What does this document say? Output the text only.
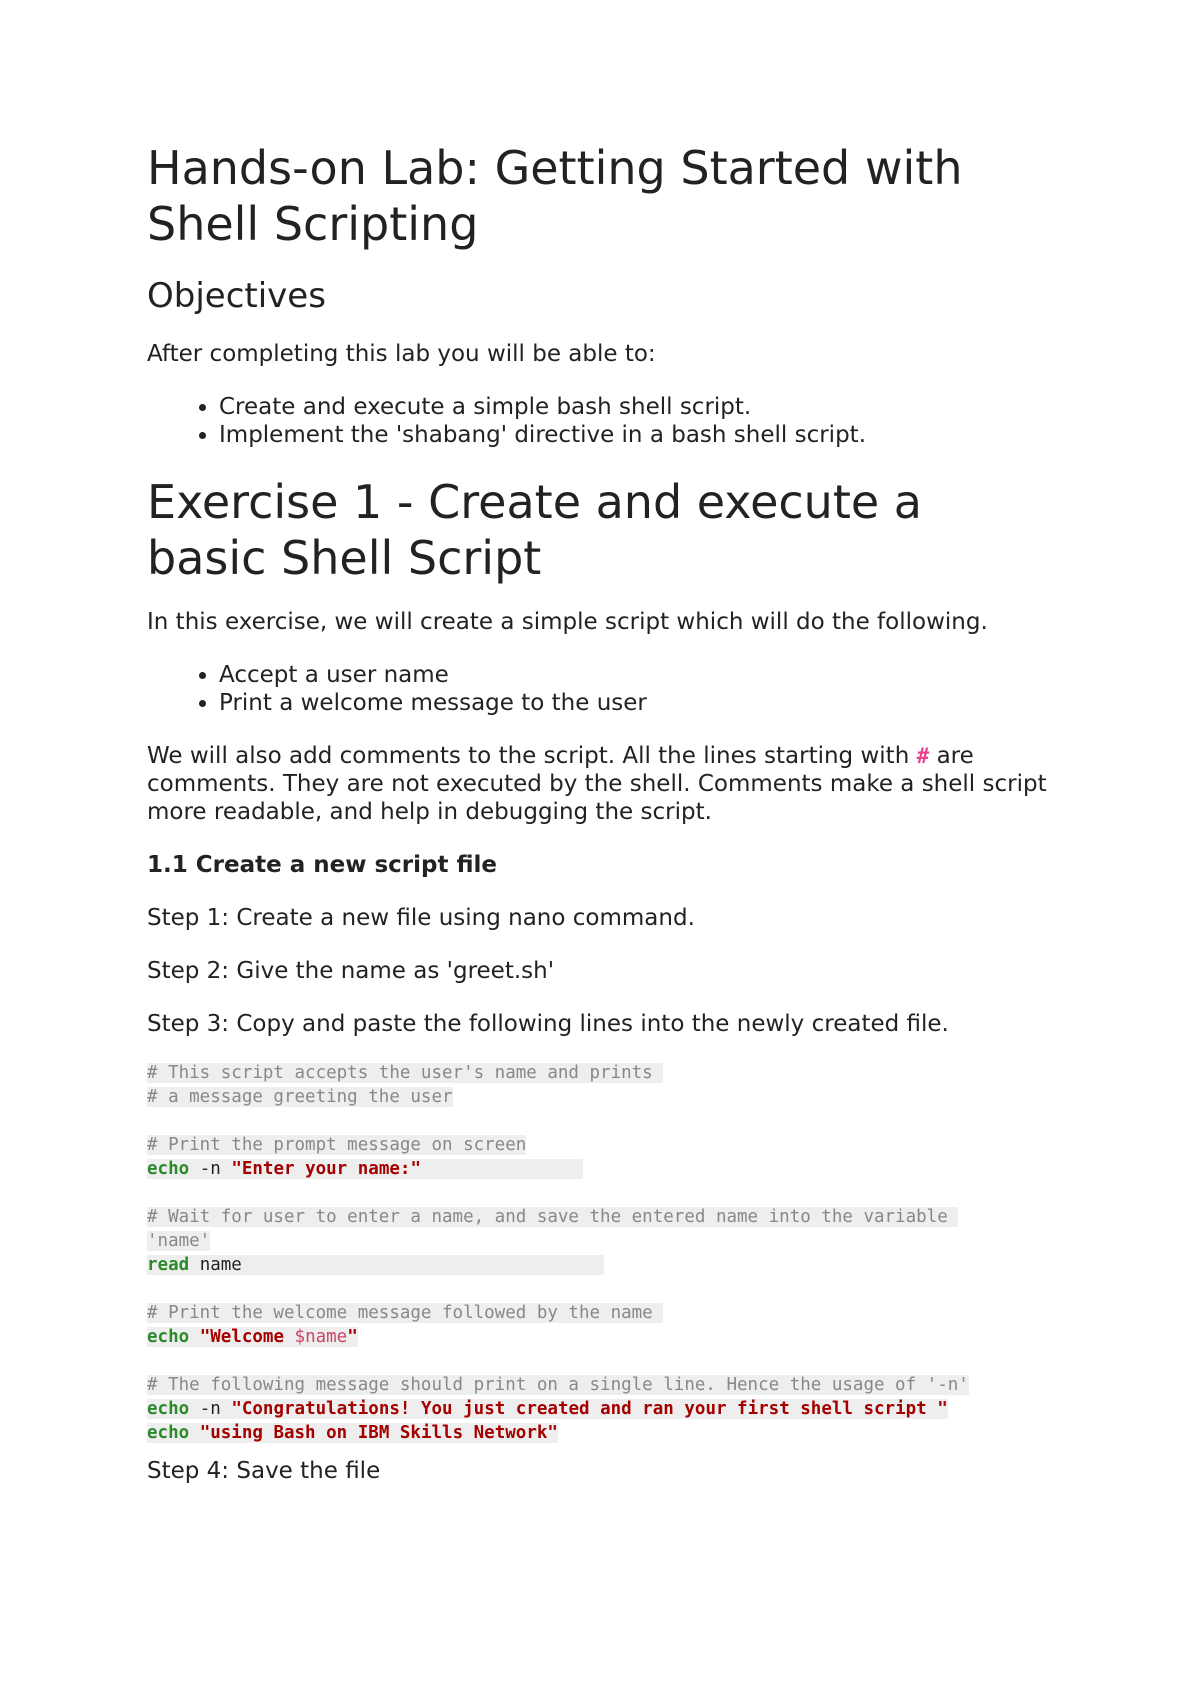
Hands-on Lab: Getting Started with Shell Scripting
Objectives

After completing this lab you will be able to:

• Create and execute a simple bash shell script.
• Implement the 'shabang' directive in a bash shell script.
Exercise 1 - Create and execute a basic Shell Script

In this exercise, we will create a simple script which will do the following.

• Accept a user name
• Print a welcome message to the user

We will also add comments to the script. All the lines starting with # are comments. They are not executed by the shell. Comments make a shell script more readable, and help in debugging the script.

1.1 Create a new script file

Step 1: Create a new file using nano command.

Step 2: Give the name as 'greet.sh'

Step 3: Copy and paste the following lines into the newly created file.

# This script accepts the user's name and prints
# a message greeting the user

# Print the prompt message on screen
echo -n "Enter your name:"

# Wait for user to enter a name, and save the entered name into the variable
'name'
read name

# Print the welcome message followed by the name
echo "Welcome $name"

# The following message should print on a single line. Hence the usage of '-n'
echo -n "Congratulations! You just created and ran your first shell script "
echo "using Bash on IBM Skills Network"

Step 4: Save the file
